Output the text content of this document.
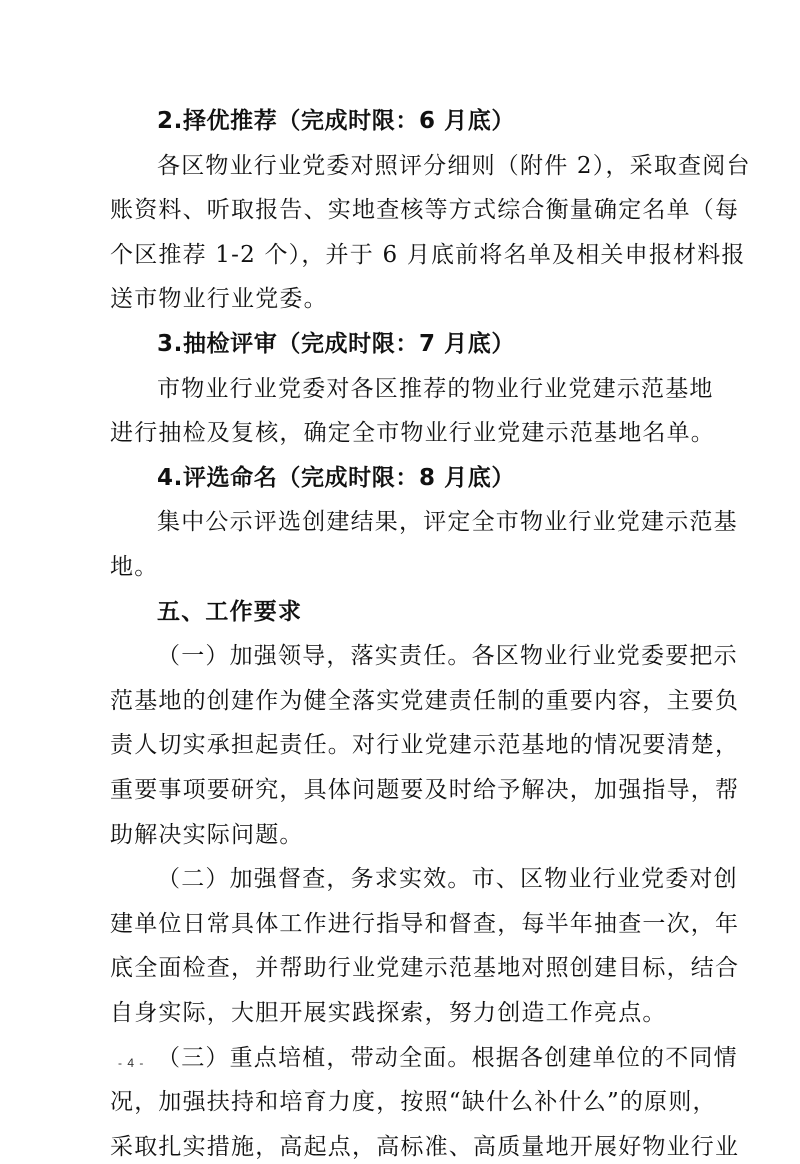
2.择优推荐（完成时限：6 月底）
各区物业行业党委对照评分细则（附件 2），采取查阅台
账资料、听取报告、实地查核等方式综合衡量确定名单（每
个区推荐 1-2 个），并于 6 月底前将名单及相关申报材料报
送市物业行业党委。
3.抽检评审（完成时限：7 月底）
市物业行业党委对各区推荐的物业行业党建示范基地
进行抽检及复核，确定全市物业行业党建示范基地名单。
4.评选命名（完成时限：8 月底）
集中公示评选创建结果，评定全市物业行业党建示范基
地。
五、工作要求
（一）加强领导，落实责任。各区物业行业党委要把示
范基地的创建作为健全落实党建责任制的重要内容，主要负
责人切实承担起责任。对行业党建示范基地的情况要清楚，
重要事项要研究，具体问题要及时给予解决，加强指导，帮
助解决实际问题。
（二）加强督查，务求实效。市、区物业行业党委对创
建单位日常具体工作进行指导和督查，每半年抽查一次，年
底全面检查，并帮助行业党建示范基地对照创建目标，结合
自身实际，大胆开展实践探索，努力创造工作亮点。
（三）重点培植，带动全面。根据各创建单位的不同情
况，加强扶持和培育力度，按照“缺什么补什么”的原则，
采取扎实措施，高起点，高标准、高质量地开展好物业行业
- 4 -
